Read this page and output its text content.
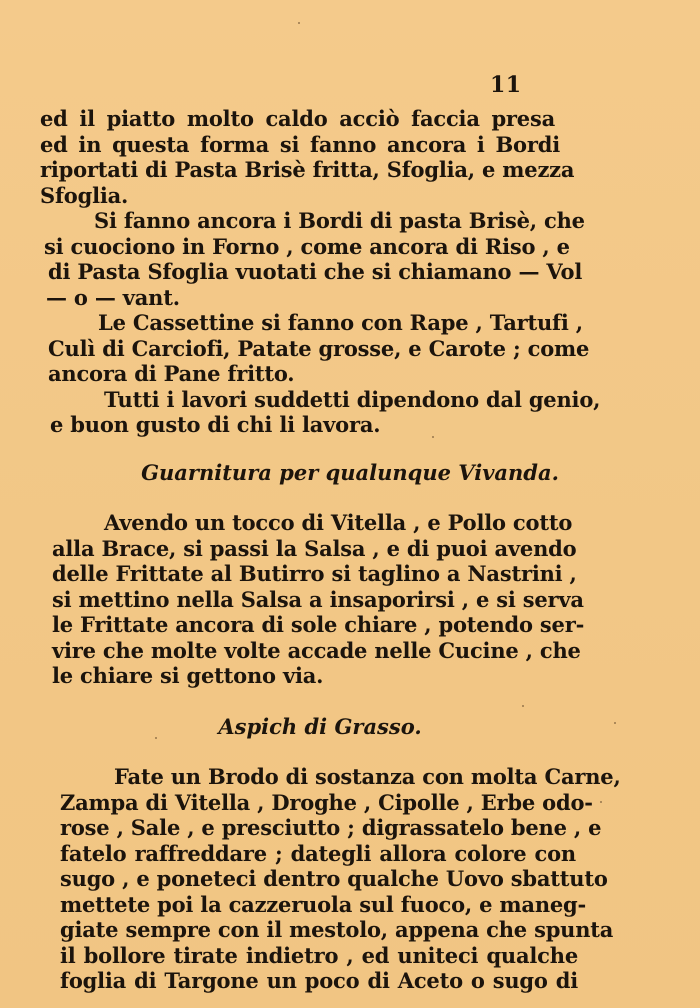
11
ed il piatto molto caldo acciò faccia presa
ed in questa forma si fanno ancora i Bordi
riportati di Pasta Brisè fritta, Sfoglia, e mezza
Sfoglia.
Si fanno ancora i Bordi di pasta Brisè, che
si cuociono in Forno , come ancora di Riso , e
di Pasta Sfoglia vuotati che si chiamano — Vol
— o — vant.
Le Cassettine si fanno con Rape , Tartufi ,
Culì di Carciofi, Patate grosse, e Carote ; come
ancora di Pane fritto.
Tutti i lavori suddetti dipendono dal genio,
e buon gusto di chi li lavora.
Guarnitura per qualunque Vivanda.
Avendo un tocco di Vitella , e Pollo cotto
alla Brace, si passi la Salsa , e di puoi avendo
delle Frittate al Butirro si taglino a Nastrini ,
si mettino nella Salsa a insaporirsi , e si serva
le Frittate ancora di sole chiare , potendo ser-
vire che molte volte accade nelle Cucine , che
le chiare si gettono via.
Aspich di Grasso.
Fate un Brodo di sostanza con molta Carne,
Zampa di Vitella , Droghe , Cipolle , Erbe odo-
rose , Sale , e presciutto ; digrassatelo bene , e
fatelo raffreddare ; dategli allora colore con
sugo , e poneteci dentro qualche Uovo sbattuto
mettete poi la cazzeruola sul fuoco, e maneg-
giate sempre con il mestolo, appena che spunta
il bollore tirate indietro , ed uniteci qualche
foglia di Targone un poco di Aceto o sugo di
